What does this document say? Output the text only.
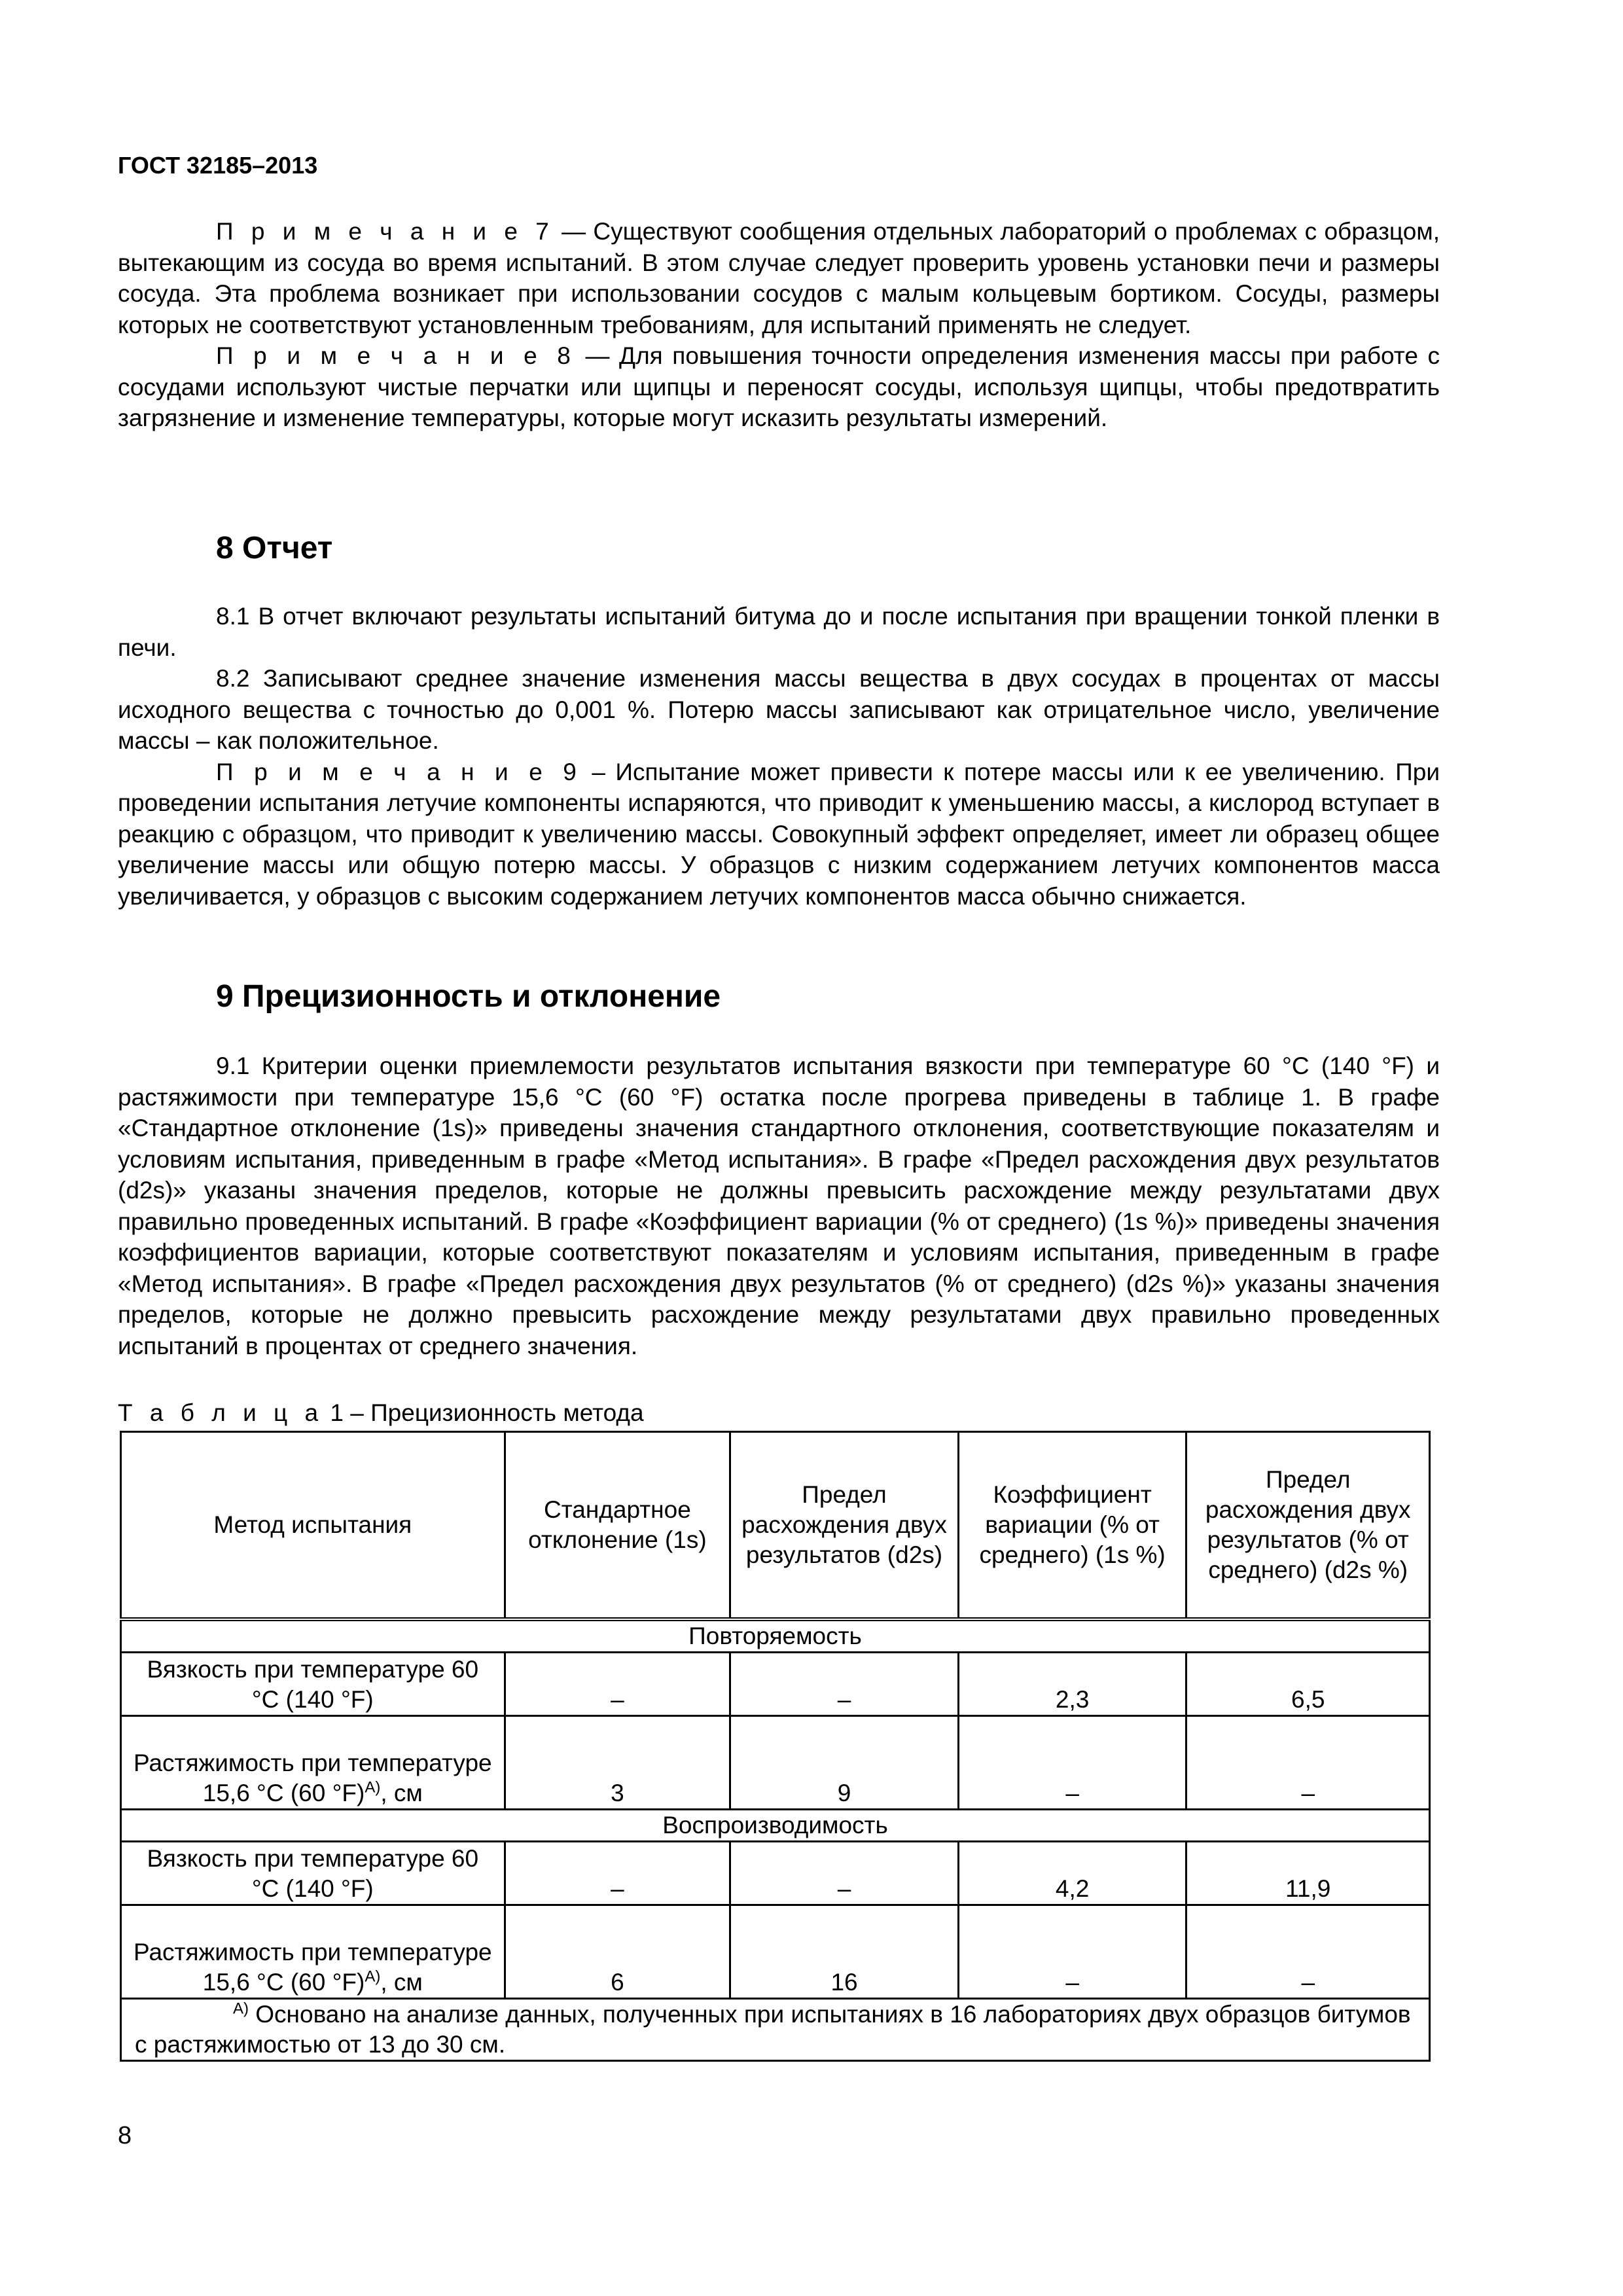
ГОСТ 32185–2013

П р и м е ч а н и е 7 — Существуют сообщения отдельных лабораторий о проблемах с образцом, вытекающим из сосуда во время испытаний. В этом случае следует проверить уровень установки печи и размеры сосуда. Эта проблема возникает при использовании сосудов с малым кольцевым бортиком. Сосуды, размеры которых не соответствуют установленным требованиям, для испытаний применять не следует.

П р и м е ч а н и е 8 — Для повышения точности определения изменения массы при работе с сосудами используют чистые перчатки или щипцы и переносят сосуды, используя щипцы, чтобы предотвратить загрязнение и изменение температуры, которые могут исказить результаты измерений.

8 Отчет

8.1 В отчет включают результаты испытаний битума до и после испытания при вращении тонкой пленки в печи.

8.2 Записывают среднее значение изменения массы вещества в двух сосудах в процентах от массы исходного вещества с точностью до 0,001 %. Потерю массы записывают как отрицательное число, увеличение массы – как положительное.

П р и м е ч а н и е 9 – Испытание может привести к потере массы или к ее увеличению. При проведении испытания летучие компоненты испаряются, что приводит к уменьшению массы, а кислород вступает в реакцию с образцом, что приводит к увеличению массы. Совокупный эффект определяет, имеет ли образец общее увеличение массы или общую потерю массы. У образцов с низким содержанием летучих компонентов масса увеличивается, у образцов с высоким содержанием летучих компонентов масса обычно снижается.

9 Прецизионность и отклонение

9.1 Критерии оценки приемлемости результатов испытания вязкости при температуре 60 °С (140 °F) и растяжимости при температуре 15,6 °С (60 °F) остатка после прогрева приведены в таблице 1. В графе «Стандартное отклонение (1s)» приведены значения стандартного отклонения, соответствующие показателям и условиям испытания, приведенным в графе «Метод испытания». В графе «Предел расхождения двух результатов (d2s)» указаны значения пределов, которые не должны превысить расхождение между результатами двух правильно проведенных испытаний. В графе «Коэффициент вариации (% от среднего) (1s %)» приведены значения коэффициентов вариации, которые соответствуют показателям и условиям испытания, приведенным в графе «Метод испытания». В графе «Предел расхождения двух результатов (% от среднего) (d2s %)» указаны значения пределов, которые не должно превысить расхождение между результатами двух правильно проведенных испытаний в процентах от среднего значения.

Т а б л и ц а 1 – Прецизионность метода
Метод испытания	Стандартное отклонение (1s)	Предел расхождения двух результатов (d2s)	Коэффициент вариации (% от среднего) (1s %)	Предел расхождения двух результатов (% от среднего) (d2s %)
Повторяемость				
Вязкость при температуре 60 °С (140 °F)	–	–	2,3	6,5
Растяжимость при температуре 15,6 °С (60 °F)$^{А)}$, см	3	9	–	–
Воспроизводимость				
Вязкость при температуре 60 °С (140 °F)	–	–	4,2	11,9
Растяжимость при температуре 15,6 °С (60 °F)$^{А)}$, см	6	16	–	–
$^{А)}$ Основано на анализе данных, полученных при испытаниях в 16 лабораториях двух образцов битумов с растяжимостью от 13 до 30 см.				
8
